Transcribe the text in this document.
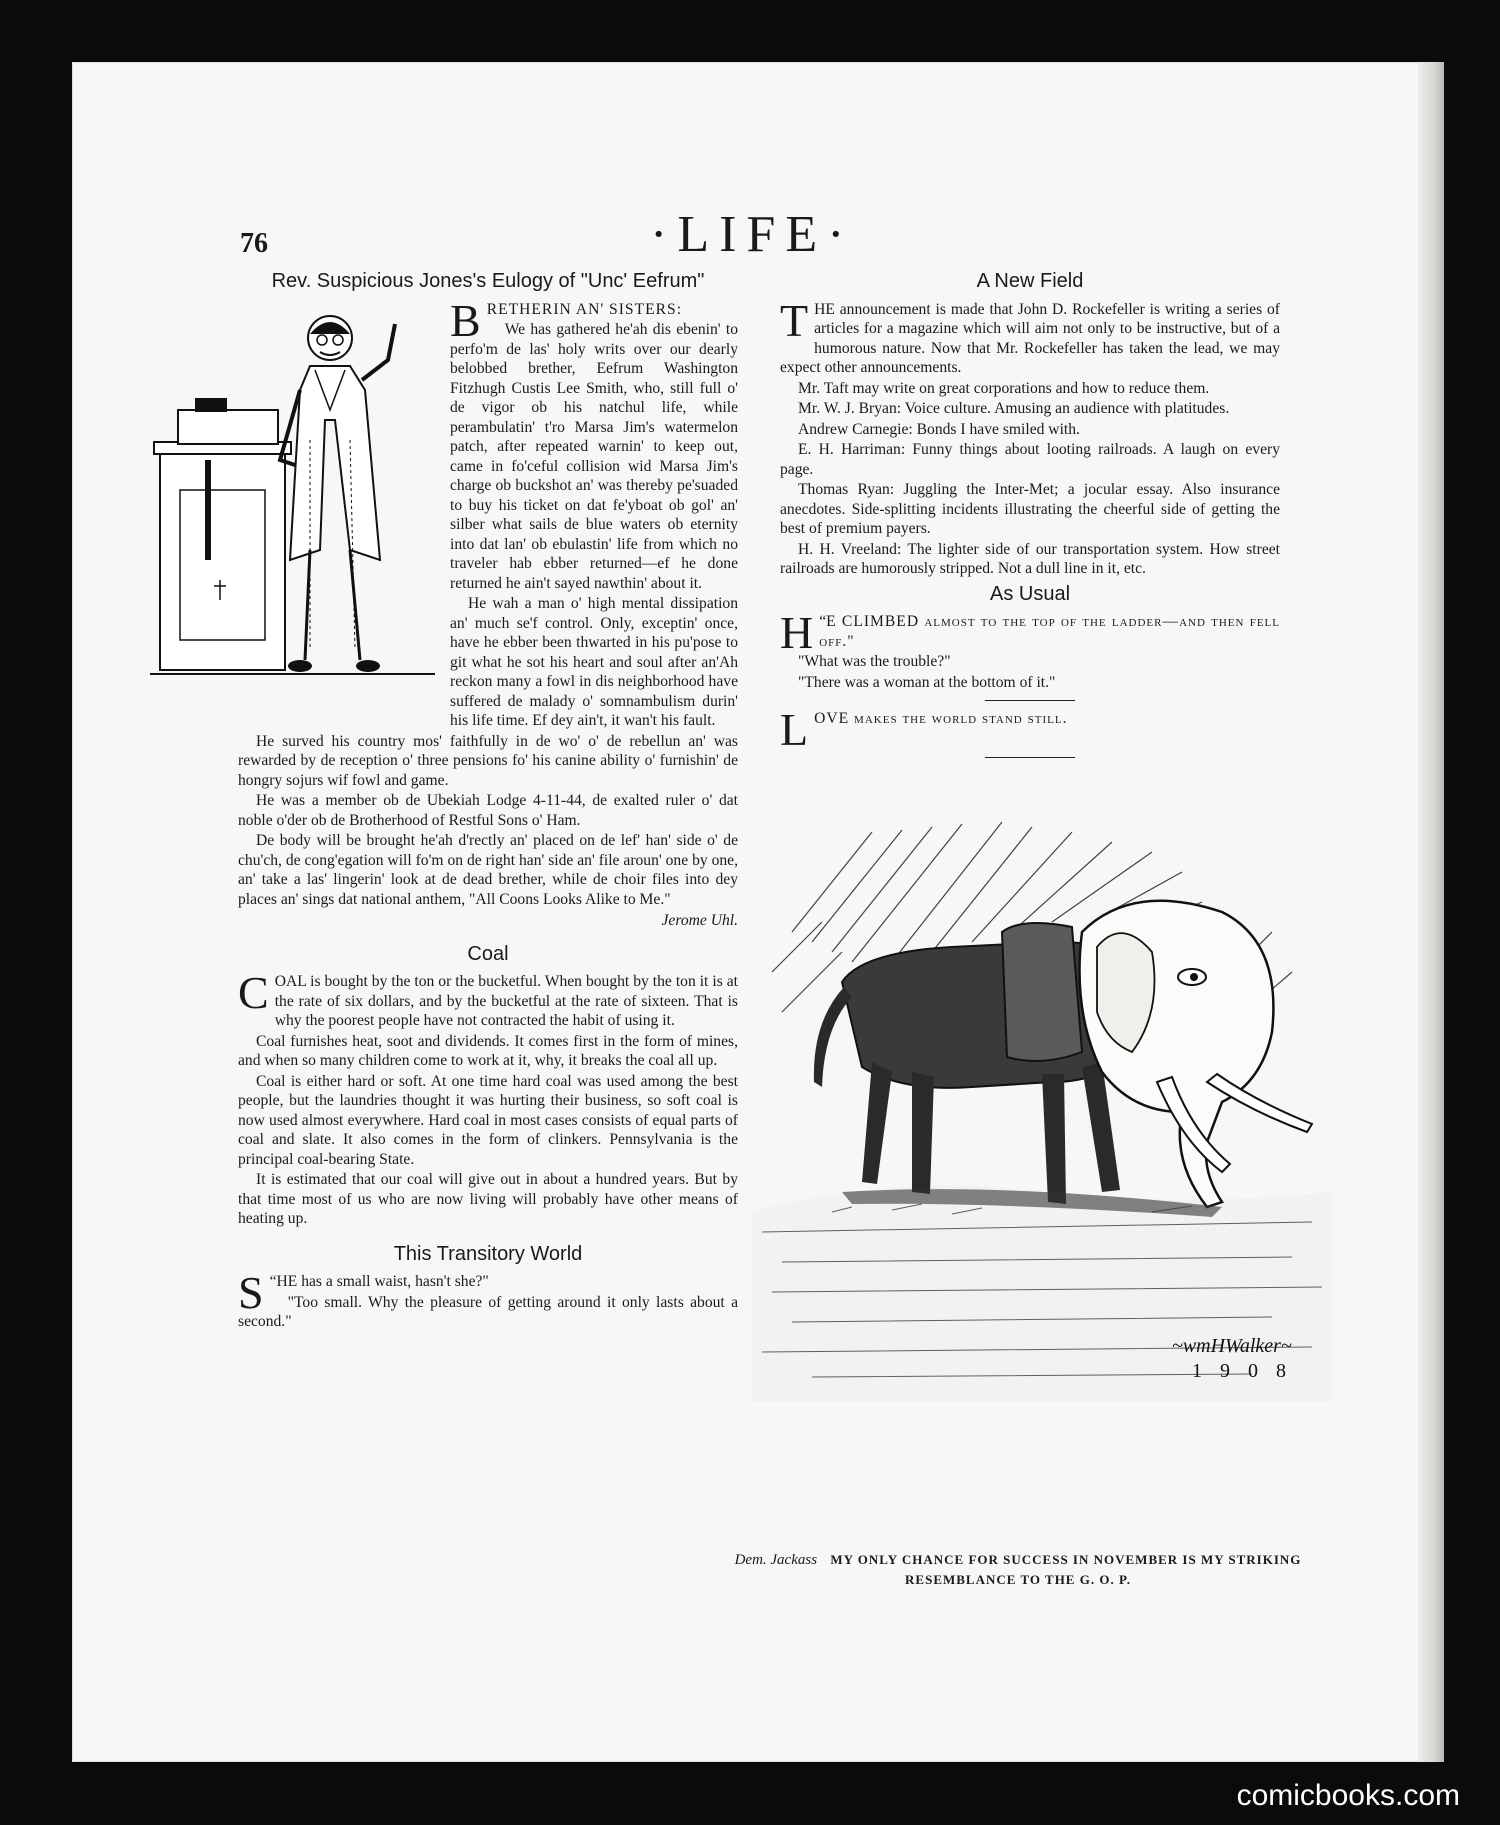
76	·LIFE·
Rev. Suspicious Jones's Eulogy of "Unc' Eefrum"

BRETHERIN AN' SISTERS:

We has gathered he'ah dis ebenin' to perfo'm de las' holy writs over our dearly belobbed brether, Eefrum Washington Fitzhugh Custis Lee Smith, who, still full o' de vigor ob his natchul life, while perambulatin' t'ro Marsa Jim's watermelon patch, after repeated warnin' to keep out, came in fo'ceful collision wid Marsa Jim's charge ob buckshot an' was thereby pe'suaded to buy his ticket on dat fe'yboat ob gol' an' silber what sails de blue waters ob eternity into dat lan' ob ebulastin' life from which no traveler hab ebber returned—ef he done returned he ain't sayed nawthin' about it.

He wah a man o' high mental dissipation an' much se'f control. Only, exceptin' once, have he ebber been thwarted in his pu'pose to git what he sot his heart and soul after an'Ah reckon many a fowl in dis neighborhood have suffered de malady o' somnambulism durin' his life time. Ef dey ain't, it wan't his fault.

He surved his country mos' faithfully in de wo' o' de rebellun an' was rewarded by de reception o' three pensions fo' his canine ability o' furnishin' de hongry sojurs wif fowl and game.

He was a member ob de Ubekiah Lodge 4-11-44, de exalted ruler o' dat noble o'der ob de Brotherhood of Restful Sons o' Ham.

De body will be brought he'ah d'rectly an' placed on de lef' han' side o' de chu'ch, de cong'egation will fo'm on de right han' side an' file aroun' one by one, an' take a las' lingerin' look at de dead brether, while de choir files into dey places an' sings dat national anthem, "All Coons Looks Alike to Me."

Jerome Uhl.
Coal

COAL is bought by the ton or the bucketful. When bought by the ton it is at the rate of six dollars, and by the bucketful at the rate of sixteen. That is why the poorest people have not contracted the habit of using it.

Coal furnishes heat, soot and dividends. It comes first in the form of mines, and when so many children come to work at it, why, it breaks the coal all up.

Coal is either hard or soft. At one time hard coal was used among the best people, but the laundries thought it was hurting their business, so soft coal is now used almost everywhere. Hard coal in most cases consists of equal parts of coal and slate. It also comes in the form of clinkers. Pennsylvania is the principal coal-bearing State.

It is estimated that our coal will give out in about a hundred years. But by that time most of us who are now living will probably have other means of heating up.

This Transitory World

“
S HE has a small waist, hasn't she?"

"Too small. Why the pleasure of getting around it only lasts about a second."

A New Field

THE announcement is made that John D. Rockefeller is writing a series of articles for a magazine which will aim not only to be instructive, but of a humorous nature. Now that Mr. Rockefeller has taken the lead, we may expect other announcements.

Mr. Taft may write on great corporations and how to reduce them.

Mr. W. J. Bryan: Voice culture. Amusing an audience with platitudes.

Andrew Carnegie: Bonds I have smiled with.

E. H. Harriman: Funny things about looting railroads. A laugh on every page.

Thomas Ryan: Juggling the Inter-Met; a jocular essay. Also insurance anecdotes. Side-splitting incidents illustrating the cheerful side of getting the best of premium payers.

H. H. Vreeland: The lighter side of our transportation system. How street railroads are humorously stripped. Not a dull line in it, etc.

As Usual

“
H E CLIMBED almost to the top of the ladder—and then fell off."

"What was the trouble?"

"There was a woman at the bottom of it."

LOVE makes the world stand still.

~wmHWalker~
1908
Dem. Jackass MY ONLY CHANCE FOR SUCCESS IN NOVEMBER IS MY STRIKING RESEMBLANCE TO THE G. O. P.
comicbooks.com
